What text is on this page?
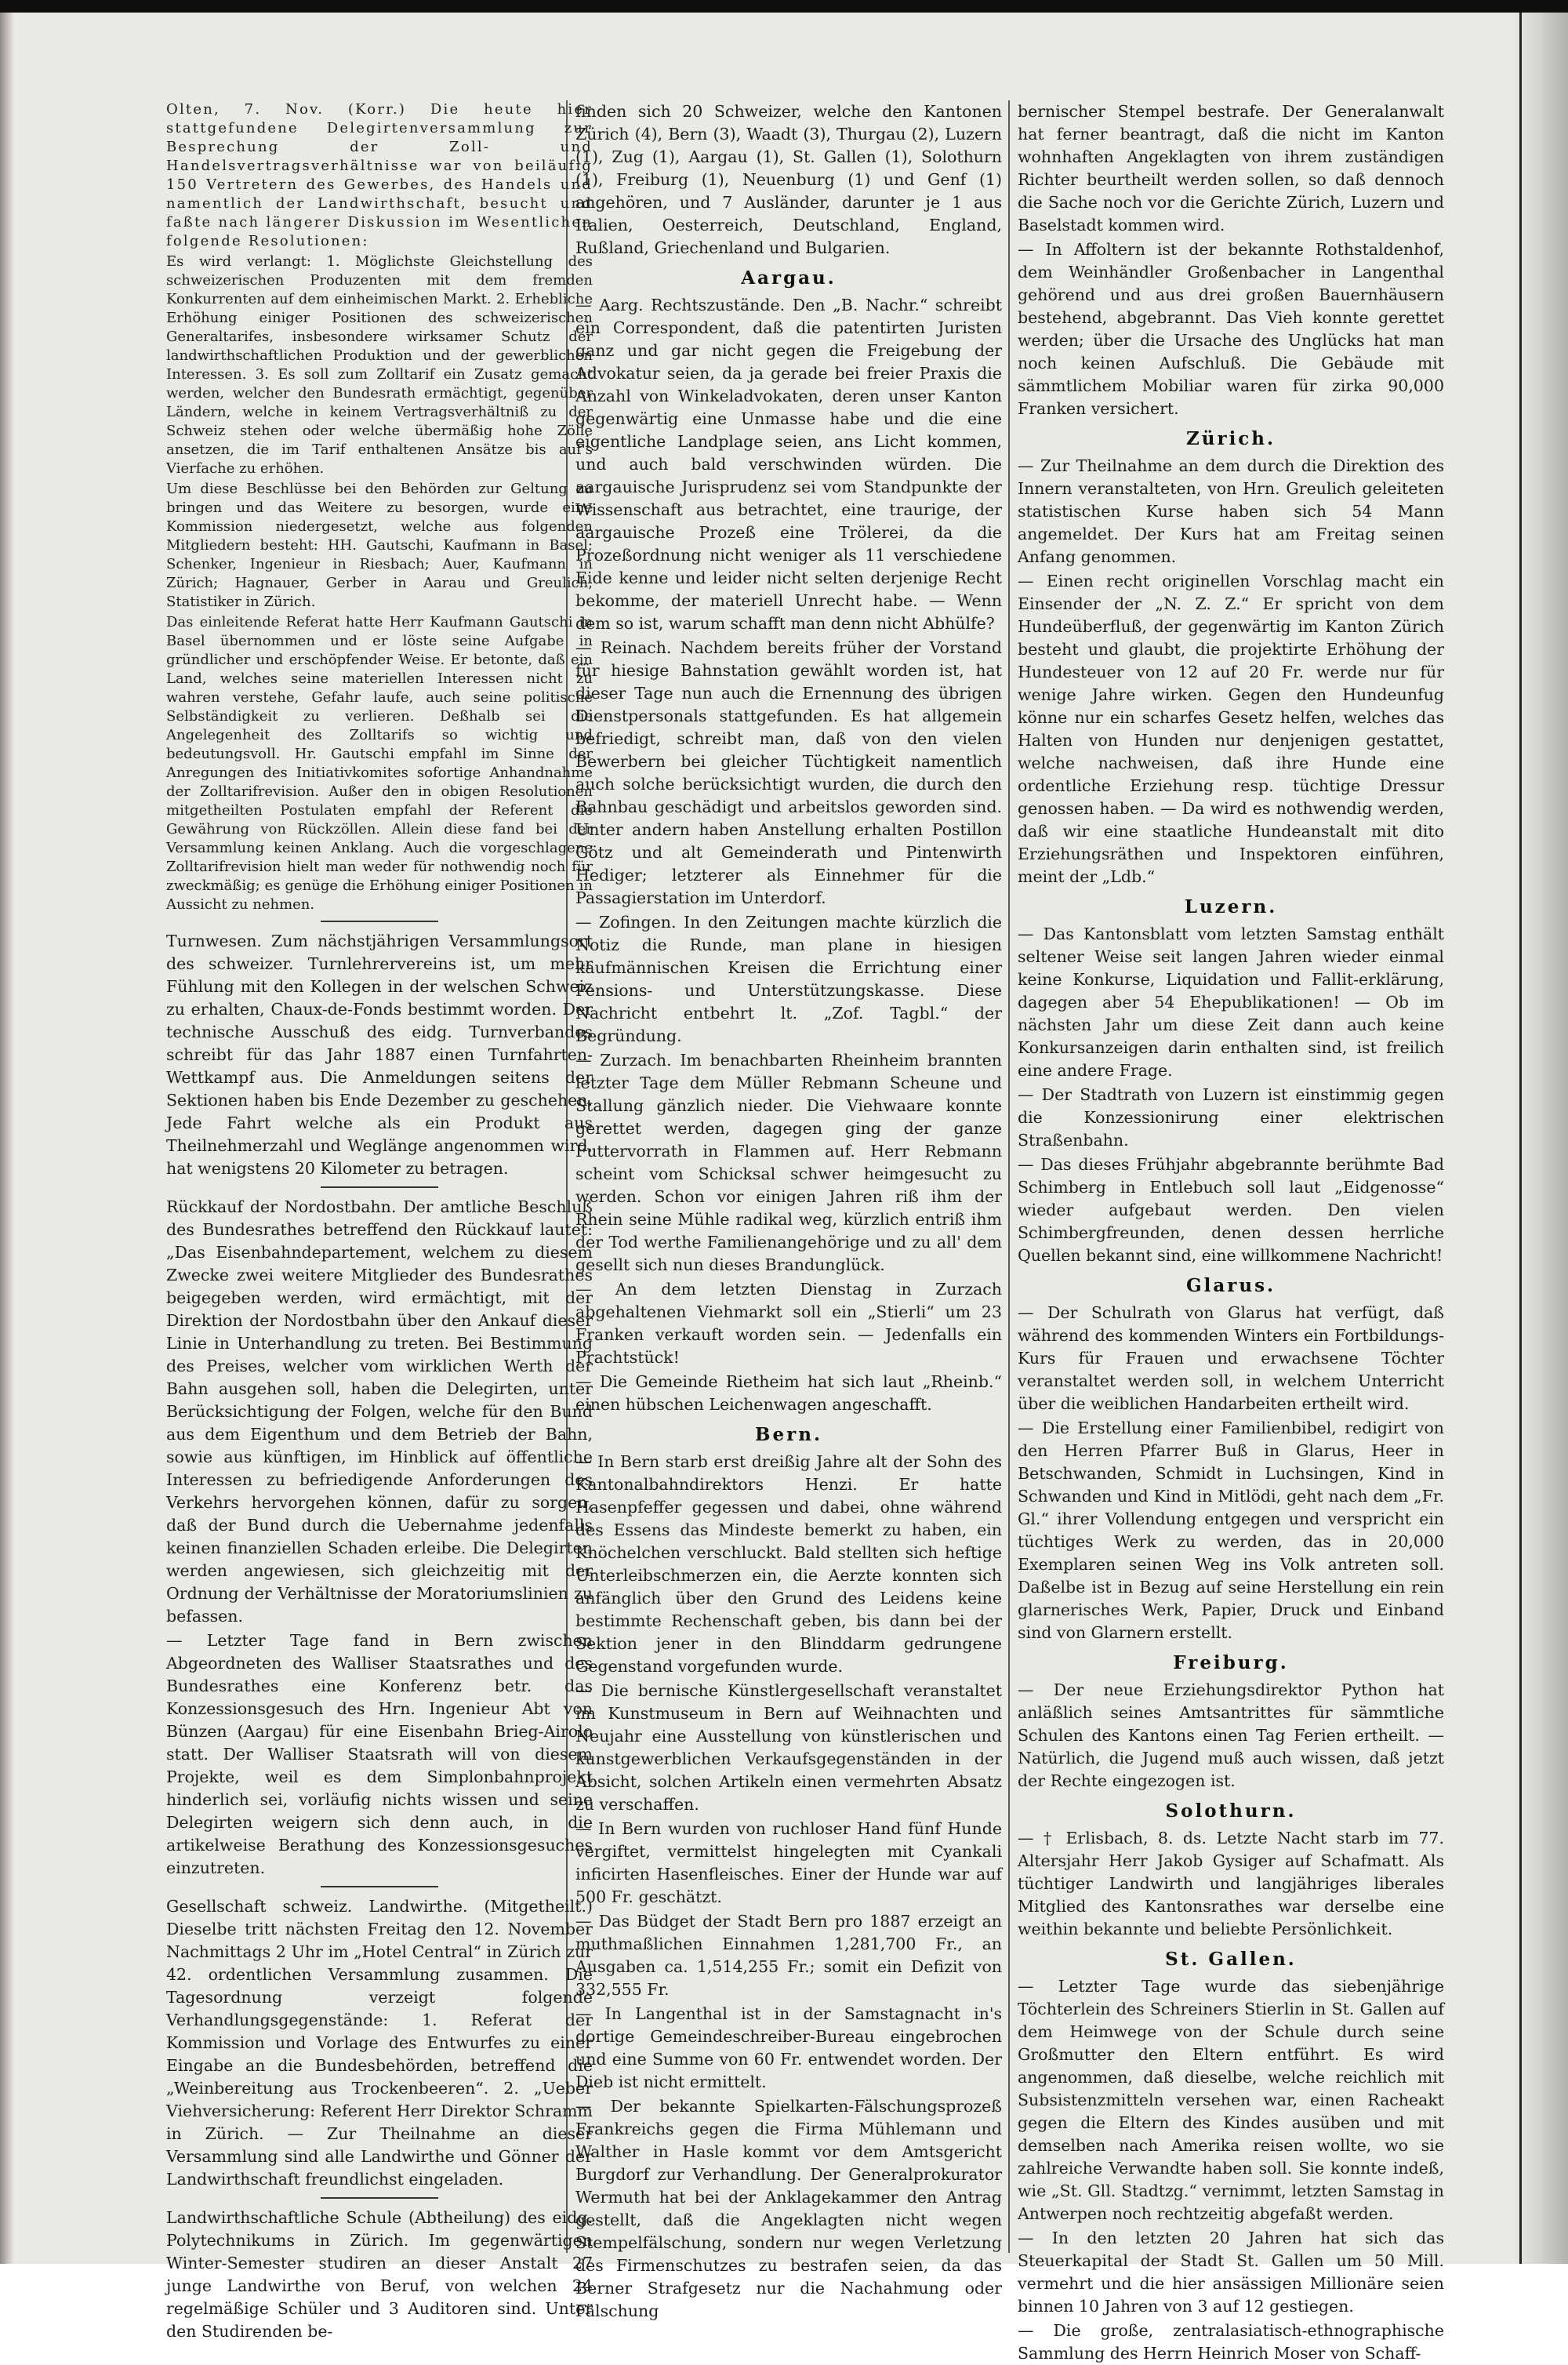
Olten, 7. Nov. (Korr.) Die heute hier stattgefundene Delegirtenversammlung zur Besprechung der Zoll- und Handelsvertragsverhältnisse war von beiläufig 150 Vertretern des Gewerbes, des Handels und namentlich der Landwirthschaft, besucht und faßte nach längerer Diskussion im Wesentlichen folgende Resolutionen:

Es wird verlangt: 1. Möglichste Gleichstellung des schweizerischen Produzenten mit dem fremden Konkurrenten auf dem einheimischen Markt. 2. Erhebliche Erhöhung einiger Positionen des schweizerischen Generaltarifes, insbesondere wirksamer Schutz der landwirthschaftlichen Produktion und der gewerblichen Interessen. 3. Es soll zum Zolltarif ein Zusatz gemacht werden, welcher den Bundesrath ermächtigt, gegenüber Ländern, welche in keinem Vertragsverhältniß zu der Schweiz stehen oder welche übermäßig hohe Zölle ansetzen, die im Tarif enthaltenen Ansätze bis auf's Vierfache zu erhöhen.

Um diese Beschlüsse bei den Behörden zur Geltung zu bringen und das Weitere zu besorgen, wurde eine Kommission niedergesetzt, welche aus folgenden Mitgliedern besteht: HH. Gautschi, Kaufmann in Basel; Schenker, Ingenieur in Riesbach; Auer, Kaufmann in Zürich; Hagnauer, Gerber in Aarau und Greulich, Statistiker in Zürich.

Das einleitende Referat hatte Herr Kaufmann Gautschi in Basel übernommen und er löste seine Aufgabe in gründlicher und erschöpfender Weise. Er betonte, daß ein Land, welches seine materiellen Interessen nicht zu wahren verstehe, Gefahr laufe, auch seine politische Selbständigkeit zu verlieren. Deßhalb sei die Angelegenheit des Zolltarifs so wichtig und bedeutungsvoll. Hr. Gautschi empfahl im Sinne der Anregungen des Initiativkomites sofortige Anhandnahme der Zolltarifrevision. Außer den in obigen Resolutionen mitgetheilten Postulaten empfahl der Referent die Gewährung von Rückzöllen. Allein diese fand bei der Versammlung keinen Anklang. Auch die vorgeschlagene Zolltarifrevision hielt man weder für nothwendig noch für zweckmäßig; es genüge die Erhöhung einiger Positionen in Aussicht zu nehmen.

Turnwesen. Zum nächstjährigen Versammlungsort des schweizer. Turnlehrervereins ist, um mehr Fühlung mit den Kollegen in der welschen Schweiz zu erhalten, Chaux-de-Fonds bestimmt worden. Der technische Ausschuß des eidg. Turnverbandes schreibt für das Jahr 1887 einen Turnfahrten-Wettkampf aus. Die Anmeldungen seitens der Sektionen haben bis Ende Dezember zu geschehen. Jede Fahrt welche als ein Produkt aus Theilnehmerzahl und Weglänge angenommen wird, hat wenigstens 20 Kilometer zu betragen.

Rückkauf der Nordostbahn. Der amtliche Beschluß des Bundesrathes betreffend den Rückkauf lautet: „Das Eisenbahndepartement, welchem zu diesem Zwecke zwei weitere Mitglieder des Bundesrathes beigegeben werden, wird ermächtigt, mit der Direktion der Nordostbahn über den Ankauf dieser Linie in Unterhandlung zu treten. Bei Bestimmung des Preises, welcher vom wirklichen Werth der Bahn ausgehen soll, haben die Delegirten, unter Berücksichtigung der Folgen, welche für den Bund aus dem Eigenthum und dem Betrieb der Bahn, sowie aus künftigen, im Hinblick auf öffentliche Interessen zu befriedigende Anforderungen des Verkehrs hervorgehen können, dafür zu sorgen, daß der Bund durch die Uebernahme jedenfalls keinen finanziellen Schaden erleibe. Die Delegirten werden angewiesen, sich gleichzeitig mit der Ordnung der Verhältnisse der Moratoriumslinien zu befassen.

— Letzter Tage fand in Bern zwischen Abgeordneten des Walliser Staatsrathes und des Bundesrathes eine Konferenz betr. das Konzessionsgesuch des Hrn. Ingenieur Abt von Bünzen (Aargau) für eine Eisenbahn Brieg-Airolo statt. Der Walliser Staatsrath will von diesem Projekte, weil es dem Simplonbahnprojekt hinderlich sei, vorläufig nichts wissen und seine Delegirten weigern sich denn auch, in die artikelweise Berathung des Konzessionsgesuches einzutreten.

Gesellschaft schweiz. Landwirthe. (Mitgetheilt.) Dieselbe tritt nächsten Freitag den 12. November Nachmittags 2 Uhr im „Hotel Central“ in Zürich zur 42. ordentlichen Versammlung zusammen. Die Tagesordnung verzeigt folgende Verhandlungsgegenstände: 1. Referat der Kommission und Vorlage des Entwurfes zu einer Eingabe an die Bundesbehörden, betreffend die „Weinbereitung aus Trockenbeeren“. 2. „Ueber Viehversicherung: Referent Herr Direktor Schramm in Zürich. — Zur Theilnahme an dieser Versammlung sind alle Landwirthe und Gönner der Landwirthschaft freundlichst eingeladen.

Landwirthschaftliche Schule (Abtheilung) des eidg. Polytechnikums in Zürich. Im gegenwärtigen Winter-Semester studiren an dieser Anstalt 27 junge Landwirthe von Beruf, von welchen 24 regelmäßige Schüler und 3 Auditoren sind. Unter den Studirenden be-

finden sich 20 Schweizer, welche den Kantonen Zürich (4), Bern (3), Waadt (3), Thurgau (2), Luzern (1), Zug (1), Aargau (1), St. Gallen (1), Solothurn (1), Freiburg (1), Neuenburg (1) und Genf (1) angehören, und 7 Ausländer, darunter je 1 aus Italien, Oesterreich, Deutschland, England, Rußland, Griechenland und Bulgarien.

Aargau.

— Aarg. Rechtszustände. Den „B. Nachr.“ schreibt ein Correspondent, daß die patentirten Juristen ganz und gar nicht gegen die Freigebung der Advokatur seien, da ja gerade bei freier Praxis die Anzahl von Winkeladvokaten, deren unser Kanton gegenwärtig eine Unmasse habe und die eine eigentliche Landplage seien, ans Licht kommen, und auch bald verschwinden würden. Die aargauische Jurisprudenz sei vom Standpunkte der Wissenschaft aus betrachtet, eine traurige, der aargauische Prozeß eine Trölerei, da die Prozeßordnung nicht weniger als 11 verschiedene Eide kenne und leider nicht selten derjenige Recht bekomme, der materiell Unrecht habe. — Wenn dem so ist, warum schafft man denn nicht Abhülfe?

— Reinach. Nachdem bereits früher der Vorstand für hiesige Bahnstation gewählt worden ist, hat dieser Tage nun auch die Ernennung des übrigen Dienstpersonals stattgefunden. Es hat allgemein befriedigt, schreibt man, daß von den vielen Bewerbern bei gleicher Tüchtigkeit namentlich auch solche berücksichtigt wurden, die durch den Bahnbau geschädigt und arbeitslos geworden sind. Unter andern haben Anstellung erhalten Postillon Götz und alt Gemeinderath und Pintenwirth Hediger; letzterer als Einnehmer für die Passagierstation im Unterdorf.

— Zofingen. In den Zeitungen machte kürzlich die Notiz die Runde, man plane in hiesigen kaufmännischen Kreisen die Errichtung einer Pensions- und Unterstützungskasse. Diese Nachricht entbehrt lt. „Zof. Tagbl.“ der Begründung.

— Zurzach. Im benachbarten Rheinheim brannten letzter Tage dem Müller Rebmann Scheune und Stallung gänzlich nieder. Die Viehwaare konnte gerettet werden, dagegen ging der ganze Futtervorrath in Flammen auf. Herr Rebmann scheint vom Schicksal schwer heimgesucht zu werden. Schon vor einigen Jahren riß ihm der Rhein seine Mühle radikal weg, kürzlich entriß ihm der Tod werthe Familienangehörige und zu all' dem gesellt sich nun dieses Brandunglück.

— An dem letzten Dienstag in Zurzach abgehaltenen Viehmarkt soll ein „Stierli“ um 23 Franken verkauft worden sein. — Jedenfalls ein Prachtstück!

— Die Gemeinde Rietheim hat sich laut „Rheinb.“ einen hübschen Leichenwagen angeschafft.

Bern.

— In Bern starb erst dreißig Jahre alt der Sohn des Kantonalbahndirektors Henzi. Er hatte Hasenpfeffer gegessen und dabei, ohne während des Essens das Mindeste bemerkt zu haben, ein Knöchelchen verschluckt. Bald stellten sich heftige Unterleibschmerzen ein, die Aerzte konnten sich anfänglich über den Grund des Leidens keine bestimmte Rechenschaft geben, bis dann bei der Sektion jener in den Blinddarm gedrungene Gegenstand vorgefunden wurde.

— Die bernische Künstlergesellschaft veranstaltet im Kunstmuseum in Bern auf Weihnachten und Neujahr eine Ausstellung von künstlerischen und kunstgewerblichen Verkaufsgegenständen in der Absicht, solchen Artikeln einen vermehrten Absatz zu verschaffen.

— In Bern wurden von ruchloser Hand fünf Hunde vergiftet, vermittelst hingelegten mit Cyankali inficirten Hasenfleisches. Einer der Hunde war auf 500 Fr. geschätzt.

— Das Büdget der Stadt Bern pro 1887 erzeigt an muthmaßlichen Einnahmen 1,281,700 Fr., an Ausgaben ca. 1,514,255 Fr.; somit ein Defizit von 332,555 Fr.

— In Langenthal ist in der Samstagnacht in's dortige Gemeindeschreiber-Bureau eingebrochen und eine Summe von 60 Fr. entwendet worden. Der Dieb ist nicht ermittelt.

— Der bekannte Spielkarten-Fälschungsprozeß Frankreichs gegen die Firma Mühlemann und Walther in Hasle kommt vor dem Amtsgericht Burgdorf zur Verhandlung. Der Generalprokurator Wermuth hat bei der Anklagekammer den Antrag gestellt, daß die Angeklagten nicht wegen Stempelfälschung, sondern nur wegen Verletzung des Firmenschutzes zu bestrafen seien, da das Berner Strafgesetz nur die Nachahmung oder Fälschung

bernischer Stempel bestrafe. Der Generalanwalt hat ferner beantragt, daß die nicht im Kanton wohnhaften Angeklagten von ihrem zuständigen Richter beurtheilt werden sollen, so daß dennoch die Sache noch vor die Gerichte Zürich, Luzern und Baselstadt kommen wird.

— In Affoltern ist der bekannte Rothstaldenhof, dem Weinhändler Großenbacher in Langenthal gehörend und aus drei großen Bauernhäusern bestehend, abgebrannt. Das Vieh konnte gerettet werden; über die Ursache des Unglücks hat man noch keinen Aufschluß. Die Gebäude mit sämmtlichem Mobiliar waren für zirka 90,000 Franken versichert.

Zürich.

— Zur Theilnahme an dem durch die Direktion des Innern veranstalteten, von Hrn. Greulich geleiteten statistischen Kurse haben sich 54 Mann angemeldet. Der Kurs hat am Freitag seinen Anfang genommen.

— Einen recht originellen Vorschlag macht ein Einsender der „N. Z. Z.“ Er spricht von dem Hundeüberfluß, der gegenwärtig im Kanton Zürich besteht und glaubt, die projektirte Erhöhung der Hundesteuer von 12 auf 20 Fr. werde nur für wenige Jahre wirken. Gegen den Hundeunfug könne nur ein scharfes Gesetz helfen, welches das Halten von Hunden nur denjenigen gestattet, welche nachweisen, daß ihre Hunde eine ordentliche Erziehung resp. tüchtige Dressur genossen haben. — Da wird es nothwendig werden, daß wir eine staatliche Hundeanstalt mit dito Erziehungsräthen und Inspektoren einführen, meint der „Ldb.“

Luzern.

— Das Kantonsblatt vom letzten Samstag enthält seltener Weise seit langen Jahren wieder einmal keine Konkurse, Liquidation und Fallit-erklärung, dagegen aber 54 Ehepublikationen! — Ob im nächsten Jahr um diese Zeit dann auch keine Konkursanzeigen darin enthalten sind, ist freilich eine andere Frage.

— Der Stadtrath von Luzern ist einstimmig gegen die Konzessionirung einer elektrischen Straßenbahn.

— Das dieses Frühjahr abgebrannte berühmte Bad Schimberg in Entlebuch soll laut „Eidgenosse“ wieder aufgebaut werden. Den vielen Schimbergfreunden, denen dessen herrliche Quellen bekannt sind, eine willkommene Nachricht!

Glarus.

— Der Schulrath von Glarus hat verfügt, daß während des kommenden Winters ein Fortbildungs-Kurs für Frauen und erwachsene Töchter veranstaltet werden soll, in welchem Unterricht über die weiblichen Handarbeiten ertheilt wird.

— Die Erstellung einer Familienbibel, redigirt von den Herren Pfarrer Buß in Glarus, Heer in Betschwanden, Schmidt in Luchsingen, Kind in Schwanden und Kind in Mitlödi, geht nach dem „Fr. Gl.“ ihrer Vollendung entgegen und verspricht ein tüchtiges Werk zu werden, das in 20,000 Exemplaren seinen Weg ins Volk antreten soll. Daßelbe ist in Bezug auf seine Herstellung ein rein glarnerisches Werk, Papier, Druck und Einband sind von Glarnern erstellt.

Freiburg.

— Der neue Erziehungsdirektor Python hat anläßlich seines Amtsantrittes für sämmtliche Schulen des Kantons einen Tag Ferien ertheilt. — Natürlich, die Jugend muß auch wissen, daß jetzt der Rechte eingezogen ist.

Solothurn.

— † Erlisbach, 8. ds. Letzte Nacht starb im 77. Altersjahr Herr Jakob Gysiger auf Schafmatt. Als tüchtiger Landwirth und langjähriges liberales Mitglied des Kantonsrathes war derselbe eine weithin bekannte und beliebte Persönlichkeit.

St. Gallen.

— Letzter Tage wurde das siebenjährige Töchterlein des Schreiners Stierlin in St. Gallen auf dem Heimwege von der Schule durch seine Großmutter den Eltern entführt. Es wird angenommen, daß dieselbe, welche reichlich mit Subsistenzmitteln versehen war, einen Racheakt gegen die Eltern des Kindes ausüben und mit demselben nach Amerika reisen wollte, wo sie zahlreiche Verwandte haben soll. Sie konnte indeß, wie „St. Gll. Stadtzg.“ vernimmt, letzten Samstag in Antwerpen noch rechtzeitig abgefaßt werden.

— In den letzten 20 Jahren hat sich das Steuerkapital der Stadt St. Gallen um 50 Mill. vermehrt und die hier ansässigen Millionäre seien binnen 10 Jahren von 3 auf 12 gestiegen.

— Die große, zentralasiatisch-ethnographische Sammlung des Herrn Heinrich Moser von Schaff-
